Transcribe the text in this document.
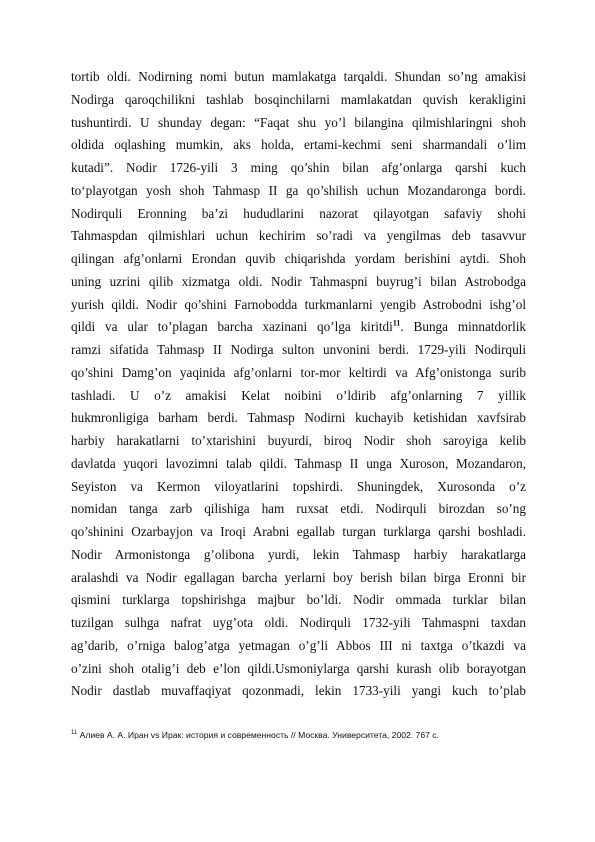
tortib oldi. Nodirning nomi butun mamlakatga tarqaldi. Shundan so’ng amakisi
Nodirga qaroqchilikni tashlab bosqinchilarni mamlakatdan quvish kerakligini
tushuntirdi. U shunday degan: “Faqat shu yo’l bilangina qilmishlaringni shoh
oldida oqlashing mumkin, aks holda, ertami-kechmi seni sharmandali o’lim
kutadi”. Nodir 1726-yili 3 ming qo’shin bilan afg’onlarga qarshi kuch
to‘playotgan yosh shoh Tahmasp II ga qo’shilish uchun Mozandaronga bordi.
Nodirquli Eronning ba’zi hududlarini nazorat qilayotgan safaviy shohi
Tahmaspdan qilmishlari uchun kechirim so’radi va yengilmas deb tasavvur
qilingan afg’onlarni Erondan quvib chiqarishda yordam berishini aytdi. Shoh
uning uzrini qilib xizmatga oldi. Nodir Tahmaspni buyrug’i bilan Astrobodga
yurish qildi. Nodir qo’shini Farnobodda turkmanlarni yengib Astrobodni ishg’ol
qildi va ular to’plagan barcha xazinani qo’lga kiritdi$^{11}$. Bunga minnatdorlik
ramzi sifatida Tahmasp II Nodirga sulton unvonini berdi. 1729-yili Nodirquli
qo’shini Damg’on yaqinida afg’onlarni tor-mor keltirdi va Afg’onistonga surib
tashladi. U o’z amakisi Kelat noibini o’ldirib afg’onlarning 7 yillik
hukmronligiga barham berdi. Tahmasp Nodirni kuchayib ketishidan xavfsirab
harbiy harakatlarni to’xtarishini buyurdi, biroq Nodir shoh saroyiga kelib
davlatda yuqori lavozimni talab qildi. Tahmasp II unga Xuroson, Mozandaron,
Seyiston va Kermon viloyatlarini topshirdi. Shuningdek, Xurosonda o’z
nomidan tanga zarb qilishiga ham ruxsat etdi. Nodirquli birozdan so’ng
qo’shinini Ozarbayjon va Iroqi Arabni egallab turgan turklarga qarshi boshladi.
Nodir Armonistonga g’olibona yurdi, lekin Tahmasp harbiy harakatlarga
aralashdi va Nodir egallagan barcha yerlarni boy berish bilan birga Eronni bir
qismini turklarga topshirishga majbur bo’ldi. Nodir ommada turklar bilan
tuzilgan sulhga nafrat uyg’ota oldi. Nodirquli 1732-yili Tahmaspni taxdan
ag’darib, o’rniga balog’atga yetmagan o’g’li Abbos III ni taxtga o’tkazdi va
o’zini shoh otalig’i deb e’lon qildi.Usmoniylarga qarshi kurash olib borayotgan
Nodir dastlab muvaffaqiyat qozonmadi, lekin 1733-yili yangi kuch to’plab
$^{11}$ Алиев А. А. Иран vs Ирак: история и современность // Москва. Университета, 2002. 767 с.
